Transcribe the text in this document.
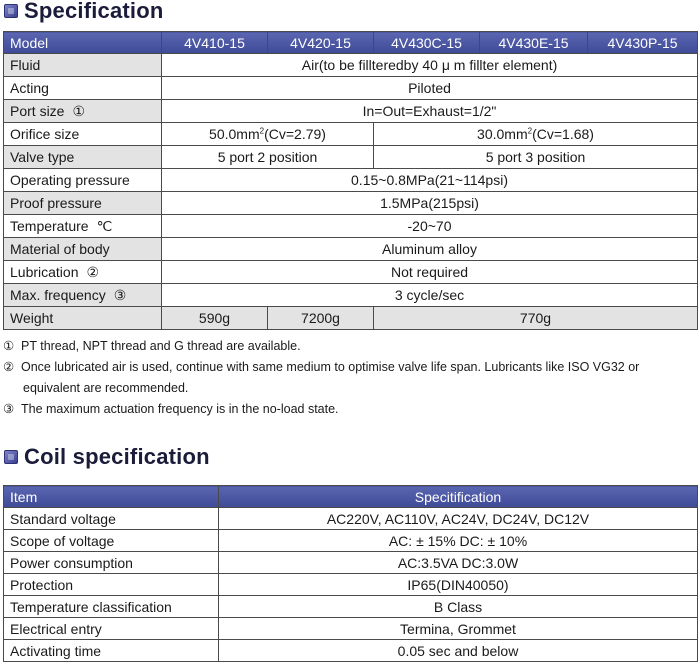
Specification
Model	4V410-15	4V420-15	4V430C-15	4V430E-15	4V430P-15
Fluid	Air(to be fillteredby 40 μ m fillter element)				
Acting	Piloted				
Port size ①	In=Out=Exhaust=1/2"				
Orifice size	$50.0mm^2(Cv=2.79)$		$30.0mm^2(Cv=1.68)$		
Valve type	5 port 2 position		5 port 3 position		
Operating pressure	0.15~0.8MPa(21~114psi)				
Proof pressure	1.5MPa(215psi)				
Temperature ℃	-20~70				
Material of body	Aluminum alloy				
Lubrication ②	Not required				
Max. frequency ③	3 cycle/sec				
Weight	590g	7200g	770g		
① PT thread, NPT thread and G thread are available.
② Once lubricated air is used, continue with same medium to optimise valve life span. Lubricants like ISO VG32 or
equivalent are recommended.
③ The maximum actuation frequency is in the no-load state.
Coil specification
Item	Specitification
Standard voltage	AC220V, AC110V, AC24V, DC24V, DC12V
Scope of voltage	AC: ± 15% DC: ± 10%
Power consumption	AC:3.5VA DC:3.0W
Protection	IP65(DIN40050)
Temperature classification	B Class
Electrical entry	Termina, Grommet
Activating time	0.05 sec and below
